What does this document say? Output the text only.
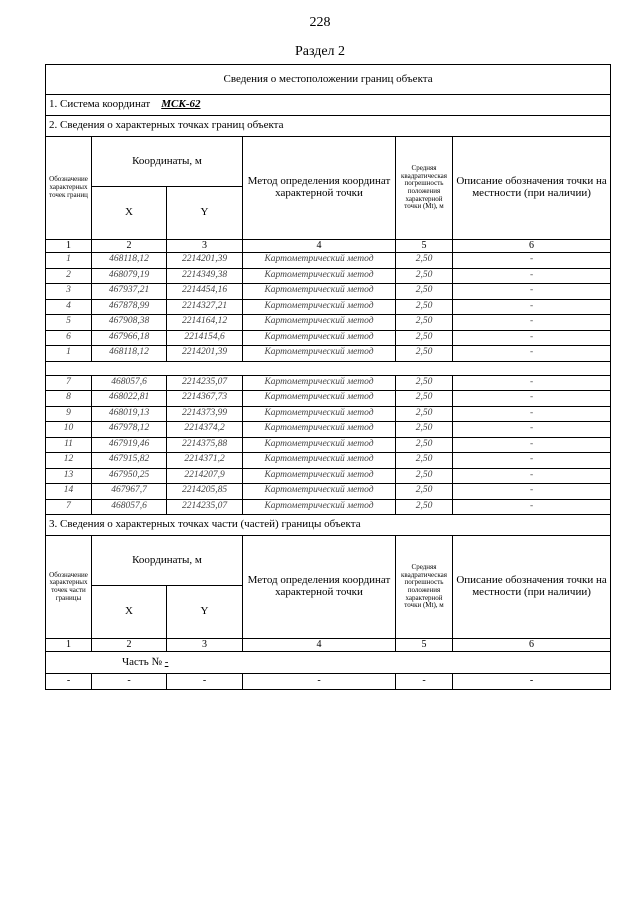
228
Раздел 2
Сведения о местоположении границ объекта					
1. Система координат МСК-62					
2. Сведения о характерных точках границ объекта					
Обозначение характерных точек границ	Координаты, м		Метод определения координат характерной точки	Средняя квадратическая погрешность положения характерной точки (Mt), м	Описание обозначения точки на местности (при наличии)
	X	Y			
1	2	3	4	5	6
1	468118,12	2214201,39	Картометрический метод	2,50	-
2	468079,19	2214349,38	Картометрический метод	2,50	-
3	467937,21	2214454,16	Картометрический метод	2,50	-
4	467878,99	2214327,21	Картометрический метод	2,50	-
5	467908,38	2214164,12	Картометрический метод	2,50	-
6	467966,18	2214154,6	Картометрический метод	2,50	-
1	468118,12	2214201,39	Картометрический метод	2,50	-

7	468057,6	2214235,07	Картометрический метод	2,50	-
8	468022,81	2214367,73	Картометрический метод	2,50	-
9	468019,13	2214373,99	Картометрический метод	2,50	-
10	467978,12	2214374,2	Картометрический метод	2,50	-
11	467919,46	2214375,88	Картометрический метод	2,50	-
12	467915,82	2214371,2	Картометрический метод	2,50	-
13	467950,25	2214207,9	Картометрический метод	2,50	-
14	467967,7	2214205,85	Картометрический метод	2,50	-
7	468057,6	2214235,07	Картометрический метод	2,50	-
3. Сведения о характерных точках части (частей) границы объекта					
Обозначение характерных точек части границы	Координаты, м		Метод определения координат характерной точки	Средняя квадратическая погрешность положения характерной точки (Mt), м	Описание обозначения точки на местности (при наличии)
	X	Y			
1	2	3	4	5	6
Часть № -					
-	-	-	-	-	-
